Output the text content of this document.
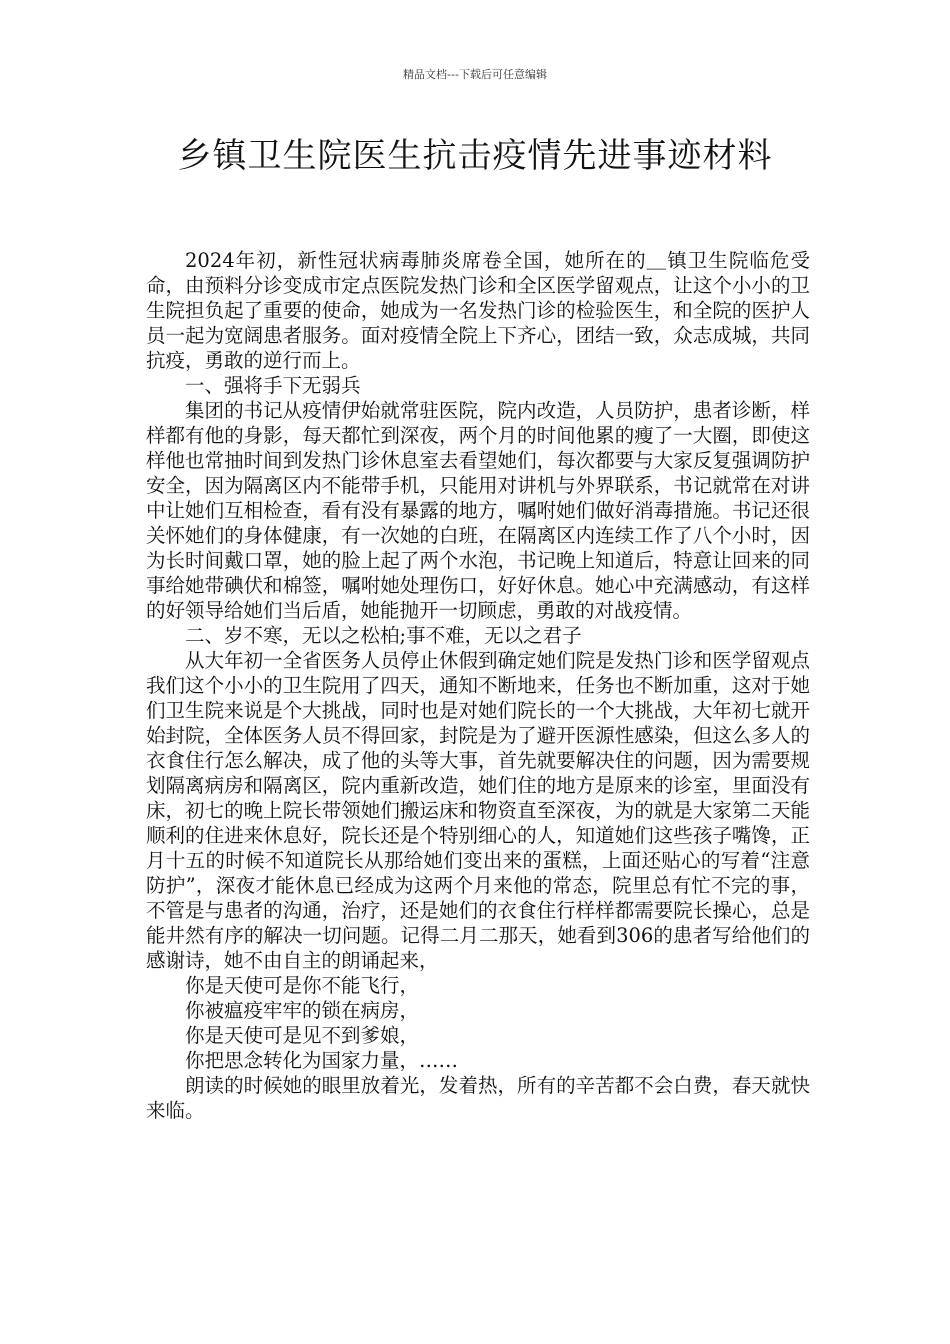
精品文档---下载后可任意编辑
乡镇卫生院医生抗击疫情先进事迹材料

2024年初，新性冠状病毒肺炎席卷全国，她所在的＿镇卫生院临危受命，由预料分诊变成市定点医院发热门诊和全区医学留观点，让这个小小的卫生院担负起了重要的使命，她成为一名发热门诊的检验医生，和全院的医护人员一起为宽阔患者服务。面对疫情全院上下齐心，团结一致，众志成城，共同抗疫，勇敢的逆行而上。

一、强将手下无弱兵

集团的书记从疫情伊始就常驻医院，院内改造，人员防护，患者诊断，样样都有他的身影，每天都忙到深夜，两个月的时间他累的瘦了一大圈，即使这样他也常抽时间到发热门诊休息室去看望她们，每次都要与大家反复强调防护安全，因为隔离区内不能带手机，只能用对讲机与外界联系，书记就常在对讲中让她们互相检查，看有没有暴露的地方，嘱咐她们做好消毒措施。书记还很关怀她们的身体健康，有一次她的白班，在隔离区内连续工作了八个小时，因为长时间戴口罩，她的脸上起了两个水泡，书记晚上知道后，特意让回来的同事给她带碘伏和棉签，嘱咐她处理伤口，好好休息。她心中充满感动，有这样的好领导给她们当后盾，她能抛开一切顾虑，勇敢的对战疫情。

二、岁不寒，无以之松柏;事不难，无以之君子

从大年初一全省医务人员停止休假到确定她们院是发热门诊和医学留观点我们这个小小的卫生院用了四天，通知不断地来，任务也不断加重，这对于她们卫生院来说是个大挑战，同时也是对她们院长的一个大挑战，大年初七就开始封院，全体医务人员不得回家，封院是为了避开医源性感染，但这么多人的衣食住行怎么解决，成了他的头等大事，首先就要解决住的问题，因为需要规划隔离病房和隔离区，院内重新改造，她们住的地方是原来的诊室，里面没有床，初七的晚上院长带领她们搬运床和物资直至深夜，为的就是大家第二天能顺利的住进来休息好，院长还是个特别细心的人，知道她们这些孩子嘴馋，正月十五的时候不知道院长从那给她们变出来的蛋糕，上面还贴心的写着“注意防护”，深夜才能休息已经成为这两个月来他的常态，院里总有忙不完的事，不管是与患者的沟通，治疗，还是她们的衣食住行样样都需要院长操心，总是能井然有序的解决一切问题。记得二月二那天，她看到306的患者写给他们的感谢诗，她不由自主的朗诵起来，

你是天使可是你不能飞行，

你被瘟疫牢牢的锁在病房，

你是天使可是见不到爹娘，

你把思念转化为国家力量，……

朗读的时候她的眼里放着光，发着热，所有的辛苦都不会白费，春天就快来临。
